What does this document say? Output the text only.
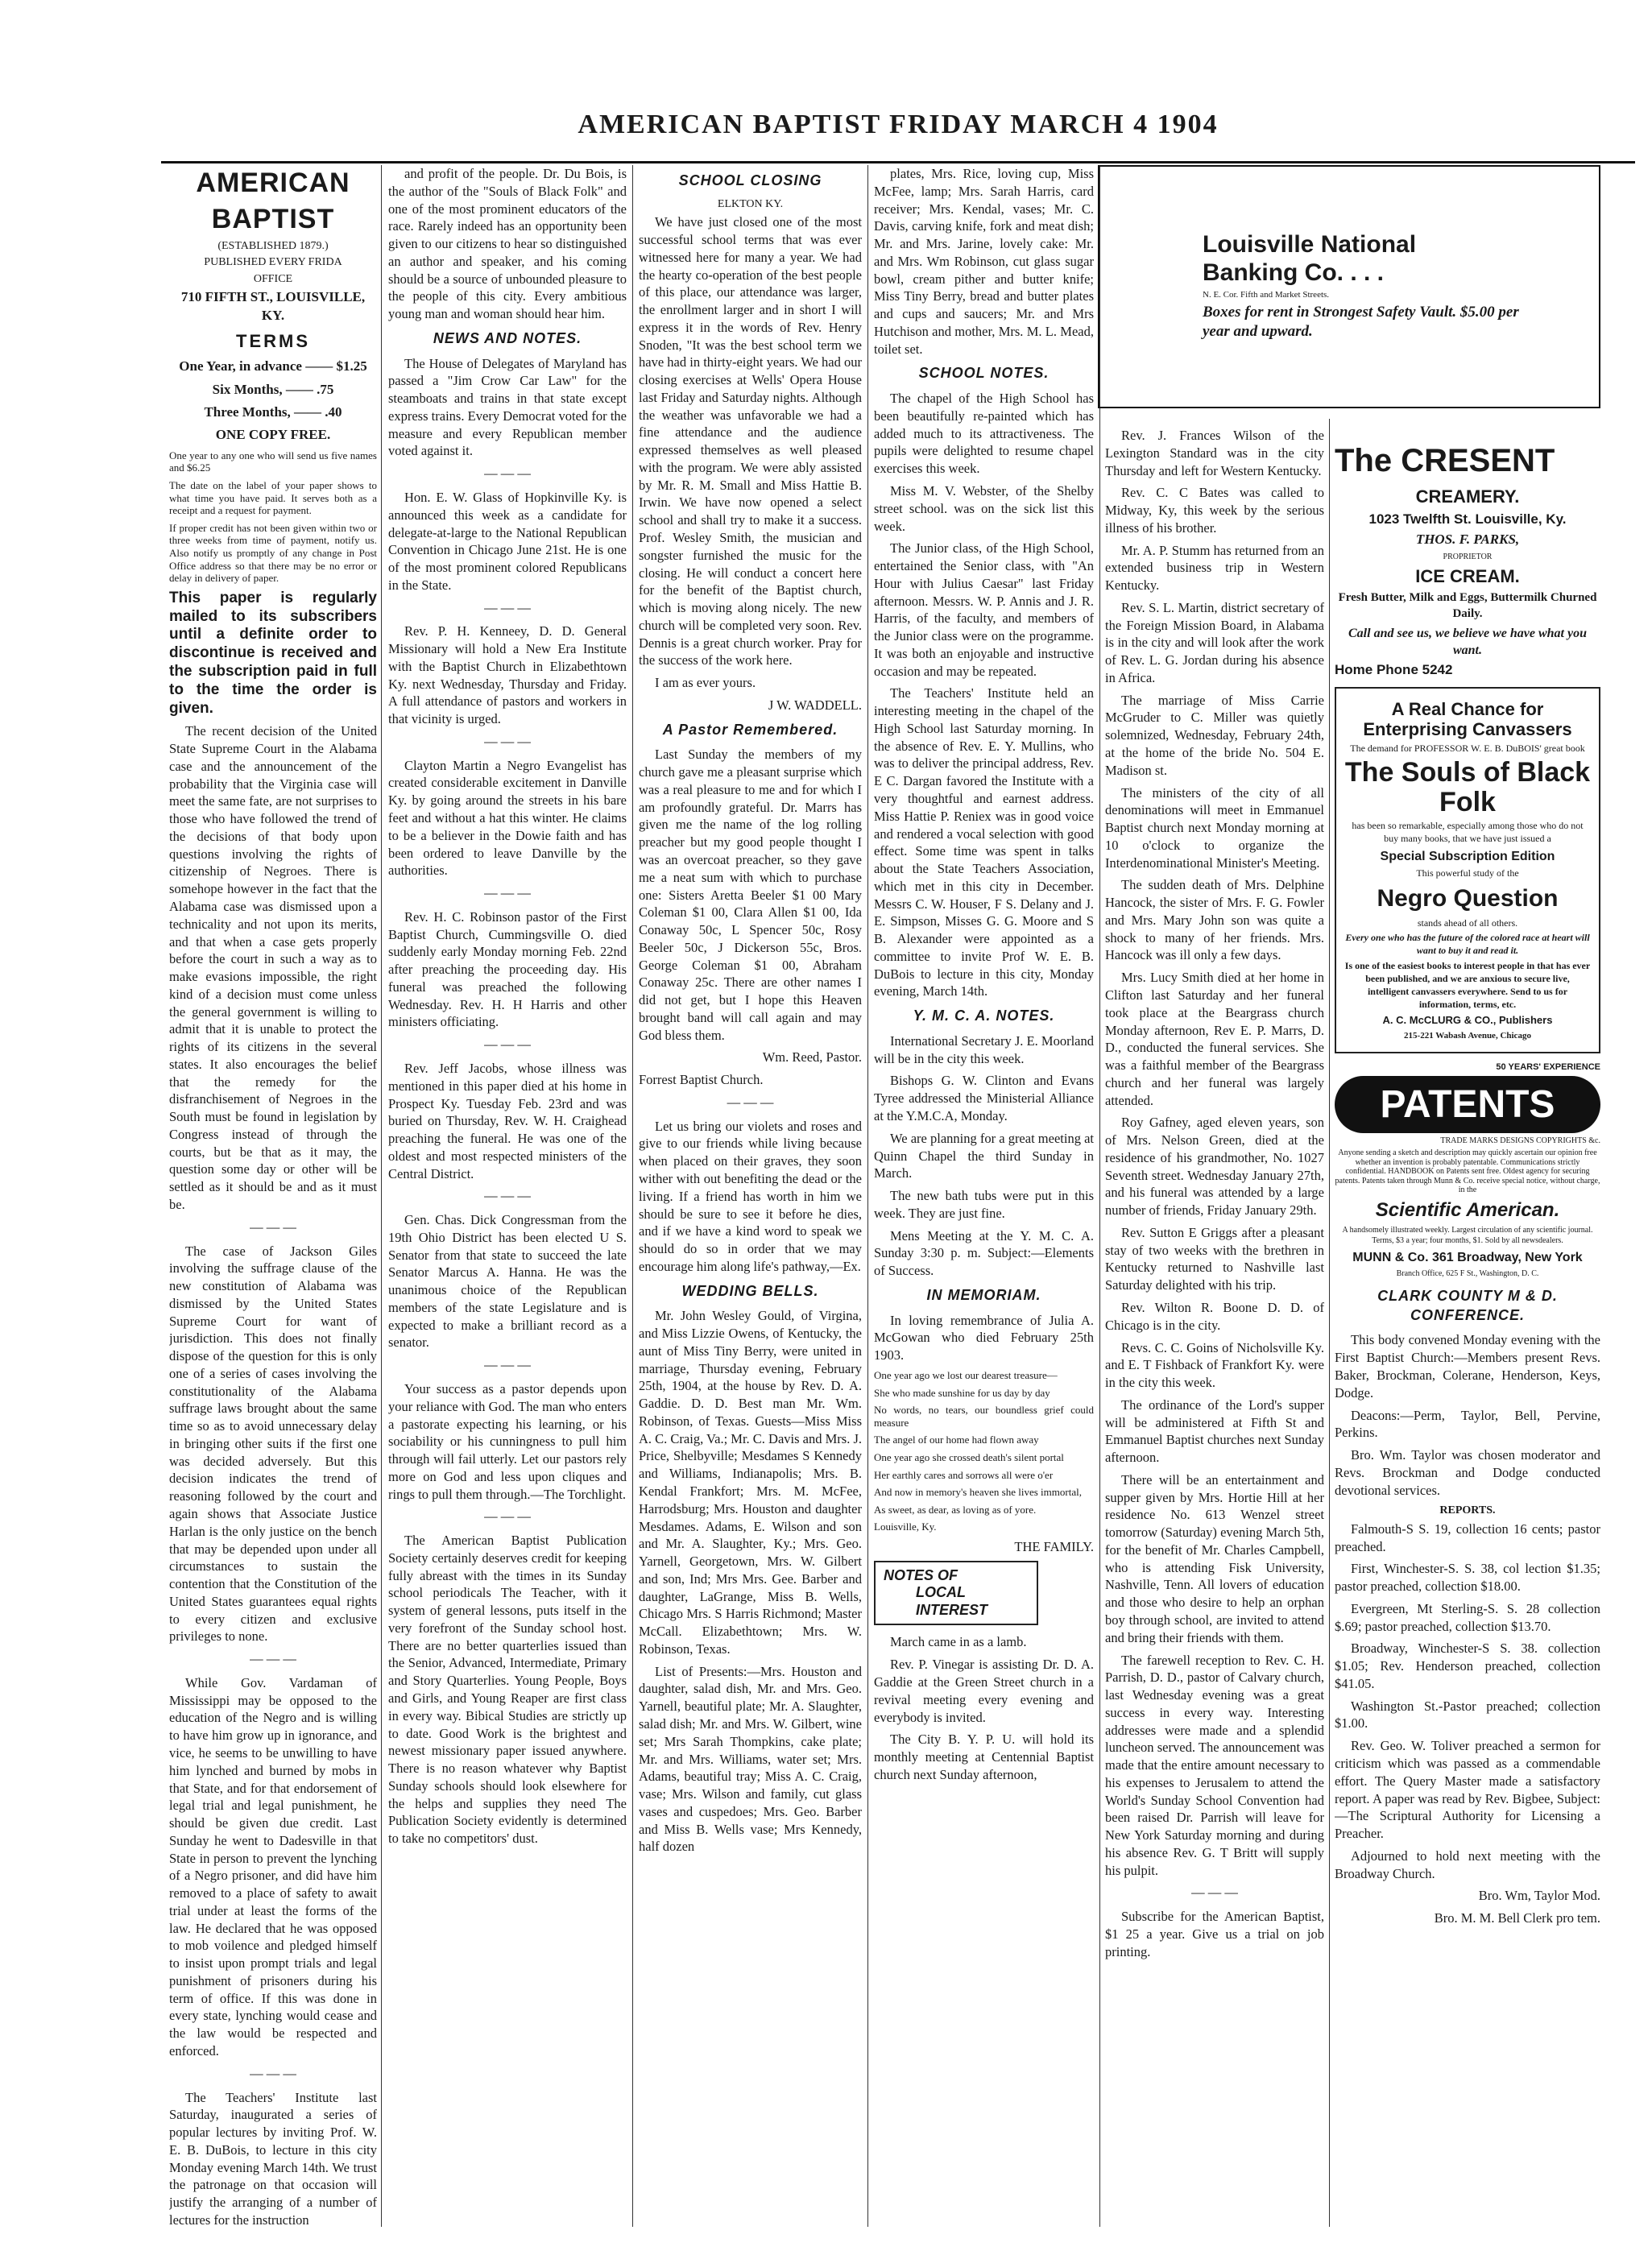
AMERICAN BAPTIST FRIDAY MARCH 4 1904
AMERICAN BAPTIST

(ESTABLISHED 1879.)

PUBLISHED EVERY FRIDA

OFFICE

710 FIFTH ST., LOUISVILLE, KY.

TERMS

One Year, in advance —— $1.25

Six Months, —— .75

Three Months, —— .40

ONE COPY FREE.

One year to any one who will send us five names and $6.25

The date on the label of your paper shows to what time you have paid. It serves both as a receipt and a request for payment.

If proper credit has not been given within two or three weeks from time of payment, notify us. Also notify us promptly of any change in Post Office address so that there may be no error or delay in delivery of paper.

This paper is regularly mailed to its subscribers until a definite order to discontinue is received and the subscription paid in full to the time the order is given.

The recent decision of the United State Supreme Court in the Alabama case and the announcement of the probability that the Virginia case will meet the same fate, are not surprises to those who have followed the trend of the decisions of that body upon questions involving the rights of citizenship of Negroes. There is somehope however in the fact that the Alabama case was dismissed upon a technicality and not upon its merits, and that when a case gets properly before the court in such a way as to make evasions impossible, the right kind of a decision must come unless the general government is willing to admit that it is unable to protect the rights of its citizens in the several states. It also encourages the belief that the remedy for the disfranchisement of Negroes in the South must be found in legislation by Congress instead of through the courts, but be that as it may, the question some day or other will be settled as it should be and as it must be.

— — —

The case of Jackson Giles involving the suffrage clause of the new constitution of Alabama was dismissed by the United States Supreme Court for want of jurisdiction. This does not finally dispose of the question for this is only one of a series of cases involving the constitutionality of the Alabama suffrage laws brought about the same time so as to avoid unnecessary delay in bringing other suits if the first one was decided adversely. But this decision indicates the trend of reasoning followed by the court and again shows that Associate Justice Harlan is the only justice on the bench that may be depended upon under all circumstances to sustain the contention that the Constitution of the United States guarantees equal rights to every citizen and exclusive privileges to none.

— — —

While Gov. Vardaman of Mississippi may be opposed to the education of the Negro and is willing to have him grow up in ignorance, and vice, he seems to be unwilling to have him lynched and burned by mobs in that State, and for that endorsement of legal trial and legal punishment, he should be given due credit. Last Sunday he went to Dadesville in that State in person to prevent the lynching of a Negro prisoner, and did have him removed to a place of safety to await trial under at least the forms of the law. He declared that he was opposed to mob voilence and pledged himself to insist upon prompt trials and legal punishment of prisoners during his term of office. If this was done in every state, lynching would cease and the law would be respected and enforced.

— — —

The Teachers' Institute last Saturday, inaugurated a series of popular lectures by inviting Prof. W. E. B. DuBois, to lecture in this city Monday evening March 14th. We trust the patronage on that occasion will justify the arranging of a number of lectures for the instruction

and profit of the people. Dr. Du Bois, is the author of the "Souls of Black Folk" and one of the most prominent educators of the race. Rarely indeed has an opportunity been given to our citizens to hear so distinguished an author and speaker, and his coming should be a source of unbounded pleasure to the people of this city. Every ambitious young man and woman should hear him.

NEWS AND NOTES.

The House of Delegates of Maryland has passed a "Jim Crow Car Law" for the steamboats and trains in that state except express trains. Every Democrat voted for the measure and every Republican member voted against it.

— — —

Hon. E. W. Glass of Hopkinville Ky. is announced this week as a candidate for delegate-at-large to the National Republican Convention in Chicago June 21st. He is one of the most prominent colored Republicans in the State.

— — —

Rev. P. H. Kenneey, D. D. General Missionary will hold a New Era Institute with the Baptist Church in Elizabethtown Ky. next Wednesday, Thursday and Friday. A full attendance of pastors and workers in that vicinity is urged.

— — —

Clayton Martin a Negro Evangelist has created considerable excitement in Danville Ky. by going around the streets in his bare feet and without a hat this winter. He claims to be a believer in the Dowie faith and has been ordered to leave Danville by the authorities.

— — —

Rev. H. C. Robinson pastor of the First Baptist Church, Cummingsville O. died suddenly early Monday morning Feb. 22nd after preaching the proceeding day. His funeral was preached the following Wednesday. Rev. H. H Harris and other ministers officiating.

— — —

Rev. Jeff Jacobs, whose illness was mentioned in this paper died at his home in Prospect Ky. Tuesday Feb. 23rd and was buried on Thursday, Rev. W. H. Craighead preaching the funeral. He was one of the oldest and most respected ministers of the Central District.

— — —

Gen. Chas. Dick Congressman from the 19th Ohio District has been elected U S. Senator from that state to succeed the late Senator Marcus A. Hanna. He was the unanimous choice of the Republican members of the state Legislature and is expected to make a brilliant record as a senator.

— — —

Your success as a pastor depends upon your reliance with God. The man who enters a pastorate expecting his learning, or his sociability or his cunningness to pull him through will fail utterly. Let our pastors rely more on God and less upon cliques and rings to pull them through.—The Torchlight.

— — —

The American Baptist Publication Society certainly deserves credit for keeping fully abreast with the times in its Sunday school periodicals The Teacher, with it system of general lessons, puts itself in the very forefront of the Sunday school host. There are no better quarterlies issued than the Senior, Advanced, Intermediate, Primary and Story Quarterlies. Young People, Boys and Girls, and Young Reaper are first class in every way. Bibical Studies are strictly up to date. Good Work is the brightest and newest missionary paper issued anywhere. There is no reason whatever why Baptist Sunday schools should look elsewhere for the helps and supplies they need The Publication Society evidently is determined to take no competitors' dust.

SCHOOL CLOSING

ELKTON KY.

We have just closed one of the most successful school terms that was ever witnessed here for many a year. We had the hearty co-operation of the best people of this place, our attendance was larger, the enrollment larger and in short I will express it in the words of Rev. Henry Snoden, "It was the best school term we have had in thirty-eight years. We had our closing exercises at Wells' Opera House last Friday and Saturday nights. Although the weather was unfavorable we had a fine attendance and the audience expressed themselves as well pleased with the program. We were ably assisted by Mr. R. M. Small and Miss Hattie B. Irwin. We have now opened a select school and shall try to make it a success. Prof. Wesley Smith, the musician and songster furnished the music for the closing. He will conduct a concert here for the benefit of the Baptist church, which is moving along nicely. The new church will be completed very soon. Rev. Dennis is a great church worker. Pray for the success of the work here.

I am as ever yours.

J W. WADDELL.

A Pastor Remembered.

Last Sunday the members of my church gave me a pleasant surprise which was a real pleasure to me and for which I am profoundly grateful. Dr. Marrs has given me the name of the log rolling preacher but my good people thought I was an overcoat preacher, so they gave me a neat sum with which to purchase one: Sisters Aretta Beeler $1 00 Mary Coleman $1 00, Clara Allen $1 00, Ida Conaway 50c, L Spencer 50c, Rosy Beeler 50c, J Dickerson 55c, Bros. George Coleman $1 00, Abraham Conaway 25c. There are other names I did not get, but I hope this Heaven brought band will call again and may God bless them.

Wm. Reed, Pastor.

Forrest Baptist Church.

— — —

Let us bring our violets and roses and give to our friends while living because when placed on their graves, they soon wither with out benefiting the dead or the living. If a friend has worth in him we should be sure to see it before he dies, and if we have a kind word to speak we should do so in order that we may encourage him along life's pathway,—Ex.

WEDDING BELLS.

Mr. John Wesley Gould, of Virgina, and Miss Lizzie Owens, of Kentucky, the aunt of Miss Tiny Berry, were united in marriage, Thursday evening, February 25th, 1904, at the house by Rev. D. A. Gaddie. D. D. Best man Mr. Wm. Robinson, of Texas. Guests—Miss Miss A. C. Craig, Va.; Mr. C. Davis and Mrs. J. Price, Shelbyville; Mesdames S Kennedy and Williams, Indianapolis; Mrs. B. Kendal Frankfort; Mrs. M. McFee, Harrodsburg; Mrs. Houston and daughter Mesdames. Adams, E. Wilson and son and Mr. A. Slaughter, Ky.; Mrs. Geo. Yarnell, Georgetown, Mrs. W. Gilbert and son, Ind; Mrs Mrs. Gee. Barber and daughter, LaGrange, Miss B. Wells, Chicago Mrs. S Harris Richmond; Master McCall. Elizabethtown; Mrs. W. Robinson, Texas.

List of Presents:—Mrs. Houston and daughter, salad dish, Mr. and Mrs. Geo. Yarnell, beautiful plate; Mr. A. Slaughter, salad dish; Mr. and Mrs. W. Gilbert, wine set; Mrs Sarah Thompkins, cake plate; Mr. and Mrs. Williams, water set; Mrs. Adams, beautiful tray; Miss A. C. Craig, vase; Mrs. Wilson and family, cut glass vases and cuspedoes; Mrs. Geo. Barber and Miss B. Wells vase; Mrs Kennedy, half dozen

plates, Mrs. Rice, loving cup, Miss McFee, lamp; Mrs. Sarah Harris, card receiver; Mrs. Kendal, vases; Mr. C. Davis, carving knife, fork and meat dish; Mr. and Mrs. Jarine, lovely cake: Mr. and Mrs. Wm Robinson, cut glass sugar bowl, cream pither and butter knife; Miss Tiny Berry, bread and butter plates and cups and saucers; Mr. and Mrs Hutchison and mother, Mrs. M. L. Mead, toilet set.

SCHOOL NOTES.

The chapel of the High School has been beautifully re-painted which has added much to its attractiveness. The pupils were delighted to resume chapel exercises this week.

Miss M. V. Webster, of the Shelby street school. was on the sick list this week.

The Junior class, of the High School, entertained the Senior class, with "An Hour with Julius Caesar" last Friday afternoon. Messrs. W. P. Annis and J. R. Harris, of the faculty, and members of the Junior class were on the programme. It was both an enjoyable and instructive occasion and may be repeated.

The Teachers' Institute held an interesting meeting in the chapel of the High School last Saturday morning. In the absence of Rev. E. Y. Mullins, who was to deliver the principal address, Rev. E C. Dargan favored the Institute with a very thoughtful and earnest address. Miss Hattie P. Reniex was in good voice and rendered a vocal selection with good effect. Some time was spent in talks about the State Teachers Association, which met in this city in December. Messrs C. W. Houser, F S. Delany and J. E. Simpson, Misses G. G. Moore and S B. Alexander were appointed as a committee to invite Prof W. E. B. DuBois to lecture in this city, Monday evening, March 14th.

Y. M. C. A. NOTES.

International Secretary J. E. Moorland will be in the city this week.

Bishops G. W. Clinton and Evans Tyree addressed the Ministerial Alliance at the Y.M.C.A, Monday.

We are planning for a great meeting at Quinn Chapel the third Sunday in March.

The new bath tubs were put in this week. They are just fine.

Mens Meeting at the Y. M. C. A. Sunday 3:30 p. m. Subject:—Elements of Success.

IN MEMORIAM.

In loving remembrance of Julia A. McGowan who died February 25th 1903.

One year ago we lost our dearest treasure—

She who made sunshine for us day by day

No words, no tears, our boundless grief could measure

The angel of our home had flown away

One year ago she crossed death's silent portal

Her earthly cares and sorrows all were o'er

And now in memory's heaven she lives immortal,

As sweet, as dear, as loving as of yore.

Louisville, Ky.

THE FAMILY.

NOTES OF
LOCAL INTEREST

March came in as a lamb.

Rev. P. Vinegar is assisting Dr. D. A. Gaddie at the Green Street church in a revival meeting every evening and everybody is invited.

The City B. Y. P. U. will hold its monthly meeting at Centennial Baptist church next Sunday afternoon,

Louisville National
Banking Co. . . .
N. E. Cor. Fifth and Market Streets.
Boxes for rent in Strongest Safety Vault. $5.00 per year and upward.

Rev. J. Frances Wilson of the Lexington Standard was in the city Thursday and left for Western Kentucky.

Rev. C. C Bates was called to Midway, Ky, this week by the serious illness of his brother.

Mr. A. P. Stumm has returned from an extended business trip in Western Kentucky.

Rev. S. L. Martin, district secretary of the Foreign Mission Board, in Alabama is in the city and will look after the work of Rev. L. G. Jordan during his absence in Africa.

The marriage of Miss Carrie McGruder to C. Miller was quietly solemnized, Wednesday, February 24th, at the home of the bride No. 504 E. Madison st.

The ministers of the city of all denominations will meet in Emmanuel Baptist church next Monday morning at 10 o'clock to organize the Interdenominational Minister's Meeting.

The sudden death of Mrs. Delphine Hancock, the sister of Mrs. F. G. Fowler and Mrs. Mary John son was quite a shock to many of her friends. Mrs. Hancock was ill only a few days.

Mrs. Lucy Smith died at her home in Clifton last Saturday and her funeral took place at the Beargrass church Monday afternoon, Rev E. P. Marrs, D. D., conducted the funeral services. She was a faithful member of the Beargrass church and her funeral was largely attended.

Roy Gafney, aged eleven years, son of Mrs. Nelson Green, died at the residence of his grandmother, No. 1027 Seventh street. Wednesday January 27th, and his funeral was attended by a large number of friends, Friday January 29th.

Rev. Sutton E Griggs after a pleasant stay of two weeks with the brethren in Kentucky returned to Nashville last Saturday delighted with his trip.

Rev. Wilton R. Boone D. D. of Chicago is in the city.

Revs. C. C. Goins of Nicholsville Ky. and E. T Fishback of Frankfort Ky. were in the city this week.

The ordinance of the Lord's supper will be administered at Fifth St and Emmanuel Baptist churches next Sunday afternoon.

There will be an entertainment and supper given by Mrs. Hortie Hill at her residence No. 613 Wenzel street tomorrow (Saturday) evening March 5th, for the benefit of Mr. Charles Campbell, who is attending Fisk University, Nashville, Tenn. All lovers of education and those who desire to help an orphan boy through school, are invited to attend and bring their friends with them.

The farewell reception to Rev. C. H. Parrish, D. D., pastor of Calvary church, last Wednesday evening was a great success in every way. Interesting addresses were made and a splendid luncheon served. The announcement was made that the entire amount necessary to his expenses to Jerusalem to attend the World's Sunday School Convention had been raised Dr. Parrish will leave for New York Saturday morning and during his absence Rev. G. T Britt will supply his pulpit.

— — —

Subscribe for the American Baptist, $1 25 a year. Give us a trial on job printing.

The CRESENT

CREAMERY.

1023 Twelfth St. Louisville, Ky.

THOS. F. PARKS,

PROPRIETOR

ICE CREAM.

Fresh Butter, Milk and Eggs, Buttermilk Churned Daily.

Call and see us, we believe we have what you want.

Home Phone 5242

A Real Chance for Enterprising Canvassers

The demand for PROFESSOR W. E. B. DuBOIS' great book

The Souls of Black Folk

has been so remarkable, especially among those who do not buy many books, that we have just issued a

Special Subscription Edition

This powerful study of the

Negro Question

stands ahead of all others.

Every one who has the future of the colored race at heart will want to buy it and read it.

Is one of the easiest books to interest people in that has ever been published, and we are anxious to secure live, intelligent canvassers everywhere. Send to us for information, terms, etc.

A. C. McCLURG & CO., Publishers

215-221 Wabash Avenue, Chicago

50 YEARS' EXPERIENCE

PATENTS

TRADE MARKS DESIGNS COPYRIGHTS &c.

Anyone sending a sketch and description may quickly ascertain our opinion free whether an invention is probably patentable. Communications strictly confidential. HANDBOOK on Patents sent free. Oldest agency for securing patents. Patents taken through Munn & Co. receive special notice, without charge, in the

Scientific American.

A handsomely illustrated weekly. Largest circulation of any scientific journal. Terms, $3 a year; four months, $1. Sold by all newsdealers.

MUNN & Co. 361 Broadway, New York

Branch Office, 625 F St., Washington, D. C.

CLARK COUNTY M & D. CONFERENCE.

This body convened Monday evening with the First Baptist Church:—Members present Revs. Baker, Brockman, Colerane, Henderson, Keys, Dodge.

Deacons:—Perm, Taylor, Bell, Pervine, Perkins.

Bro. Wm. Taylor was chosen moderator and Revs. Brockman and Dodge conducted devotional services.

REPORTS.

Falmouth-S S. 19, collection 16 cents; pastor preached.

First, Winchester-S. S. 38, col lection $1.35; pastor preached, collection $18.00.

Evergreen, Mt Sterling-S. S. 28 collection $.69; pastor preached, collection $13.70.

Broadway, Winchester-S S. 38. collection $1.05; Rev. Henderson preached, collection $41.05.

Washington St.-Pastor preached; collection $1.00.

Rev. Geo. W. Toliver preached a sermon for criticism which was passed as a commendable effort. The Query Master made a satisfactory report. A paper was read by Rev. Bigbee, Subject:—The Scriptural Authority for Licensing a Preacher.

Adjourned to hold next meeting with the Broadway Church.

Bro. Wm, Taylor Mod.

Bro. M. M. Bell Clerk pro tem.
